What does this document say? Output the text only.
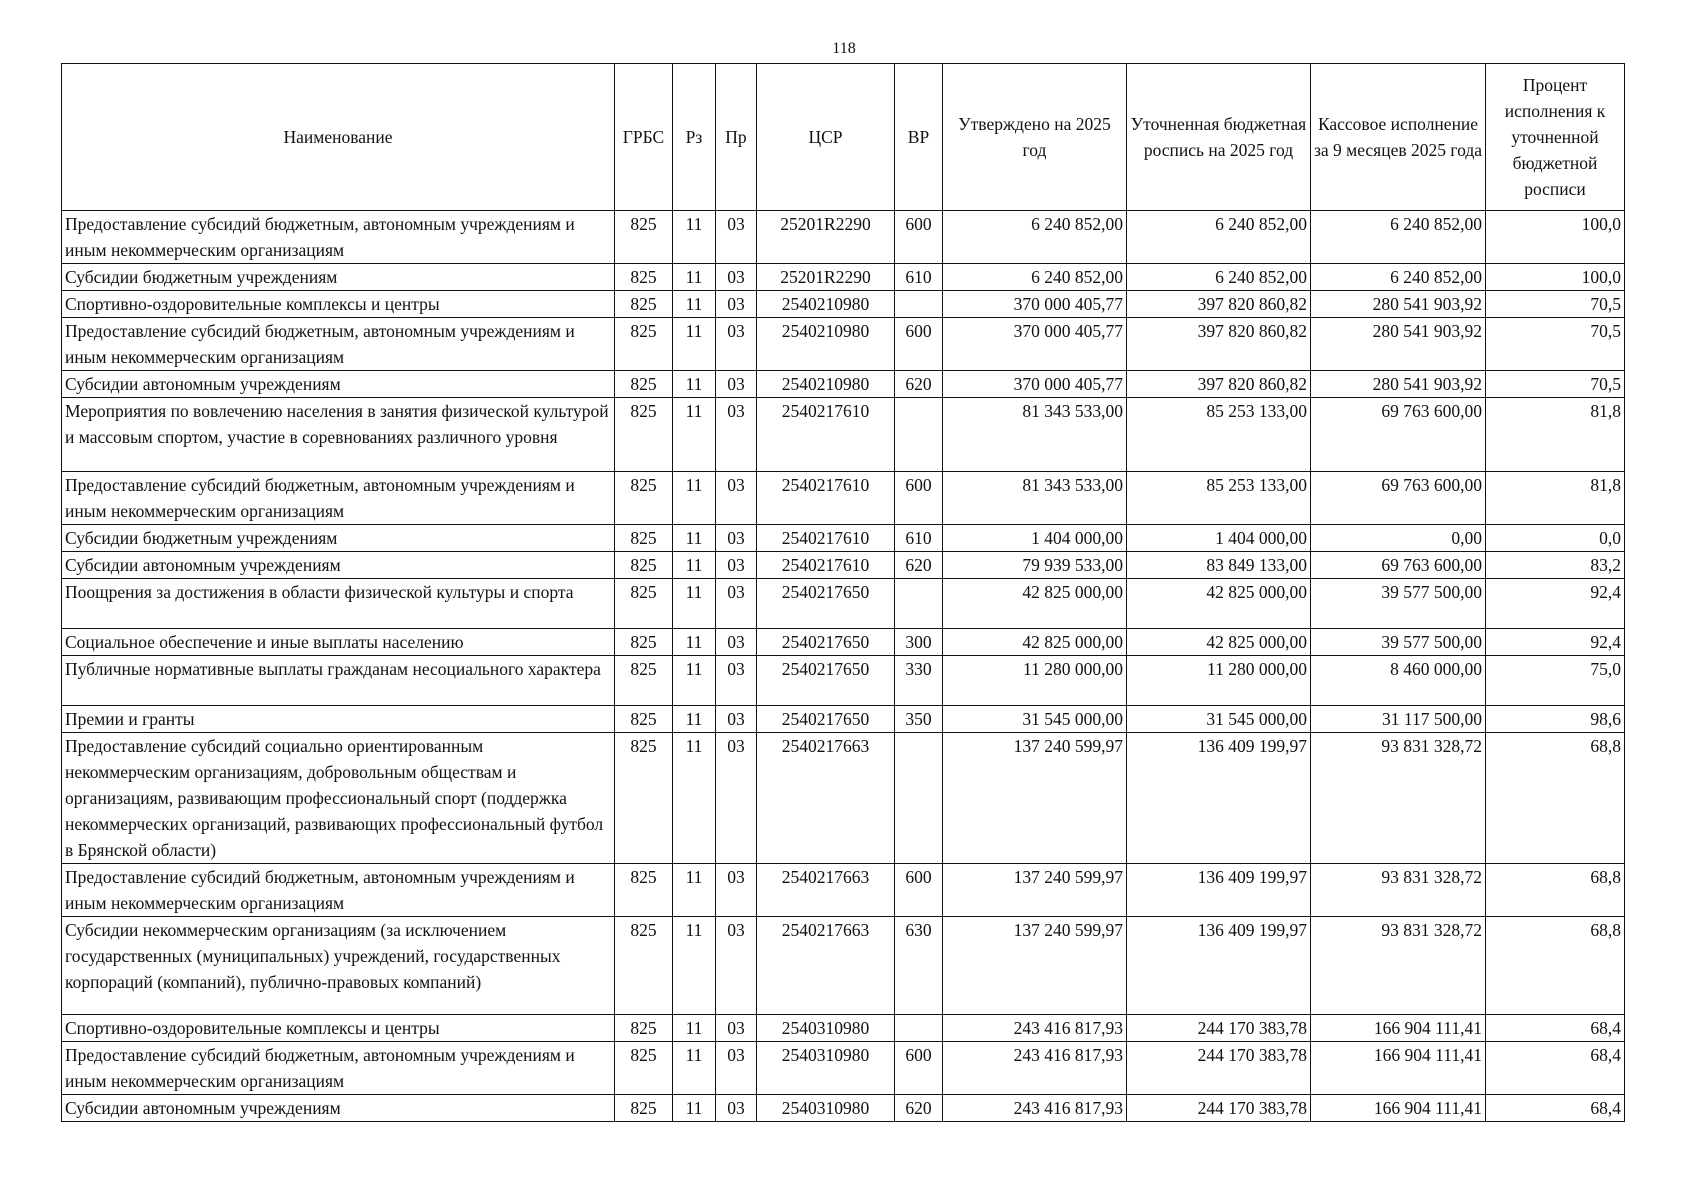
118
Наименование	ГРБС	Рз	Пр	ЦСР	ВР	Утверждено на 2025 год	Уточненная бюджетная роспись на 2025 год	Кассовое исполнение за 9 месяцев 2025 года	Процент исполнения к уточненной бюджетной росписи
Предоставление субсидий бюджетным, автономным учреждениям и иным некоммерческим организациям	825	11	03	25201R2290	600	6 240 852,00	6 240 852,00	6 240 852,00	100,0
Субсидии бюджетным учреждениям	825	11	03	25201R2290	610	6 240 852,00	6 240 852,00	6 240 852,00	100,0
Спортивно-оздоровительные комплексы и центры	825	11	03	2540210980		370 000 405,77	397 820 860,82	280 541 903,92	70,5
Предоставление субсидий бюджетным, автономным учреждениям и иным некоммерческим организациям	825	11	03	2540210980	600	370 000 405,77	397 820 860,82	280 541 903,92	70,5
Субсидии автономным учреждениям	825	11	03	2540210980	620	370 000 405,77	397 820 860,82	280 541 903,92	70,5
Мероприятия по вовлечению населения в занятия физической культурой и массовым спортом, участие в соревнованиях различного уровня	825	11	03	2540217610		81 343 533,00	85 253 133,00	69 763 600,00	81,8
Предоставление субсидий бюджетным, автономным учреждениям и иным некоммерческим организациям	825	11	03	2540217610	600	81 343 533,00	85 253 133,00	69 763 600,00	81,8
Субсидии бюджетным учреждениям	825	11	03	2540217610	610	1 404 000,00	1 404 000,00	0,00	0,0
Субсидии автономным учреждениям	825	11	03	2540217610	620	79 939 533,00	83 849 133,00	69 763 600,00	83,2
Поощрения за достижения в области физической культуры и спорта	825	11	03	2540217650		42 825 000,00	42 825 000,00	39 577 500,00	92,4
Социальное обеспечение и иные выплаты населению	825	11	03	2540217650	300	42 825 000,00	42 825 000,00	39 577 500,00	92,4
Публичные нормативные выплаты гражданам несоциального характера	825	11	03	2540217650	330	11 280 000,00	11 280 000,00	8 460 000,00	75,0
Премии и гранты	825	11	03	2540217650	350	31 545 000,00	31 545 000,00	31 117 500,00	98,6
Предоставление субсидий социально ориентированным некоммерческим организациям, добровольным обществам и организациям, развивающим профессиональный спорт (поддержка некоммерческих организаций, развивающих профессиональный футбол в Брянской области)	825	11	03	2540217663		137 240 599,97	136 409 199,97	93 831 328,72	68,8
Предоставление субсидий бюджетным, автономным учреждениям и иным некоммерческим организациям	825	11	03	2540217663	600	137 240 599,97	136 409 199,97	93 831 328,72	68,8
Субсидии некоммерческим организациям (за исключением государственных (муниципальных) учреждений, государственных корпораций (компаний), публично-правовых компаний)	825	11	03	2540217663	630	137 240 599,97	136 409 199,97	93 831 328,72	68,8
Спортивно-оздоровительные комплексы и центры	825	11	03	2540310980		243 416 817,93	244 170 383,78	166 904 111,41	68,4
Предоставление субсидий бюджетным, автономным учреждениям и иным некоммерческим организациям	825	11	03	2540310980	600	243 416 817,93	244 170 383,78	166 904 111,41	68,4
Субсидии автономным учреждениям	825	11	03	2540310980	620	243 416 817,93	244 170 383,78	166 904 111,41	68,4
